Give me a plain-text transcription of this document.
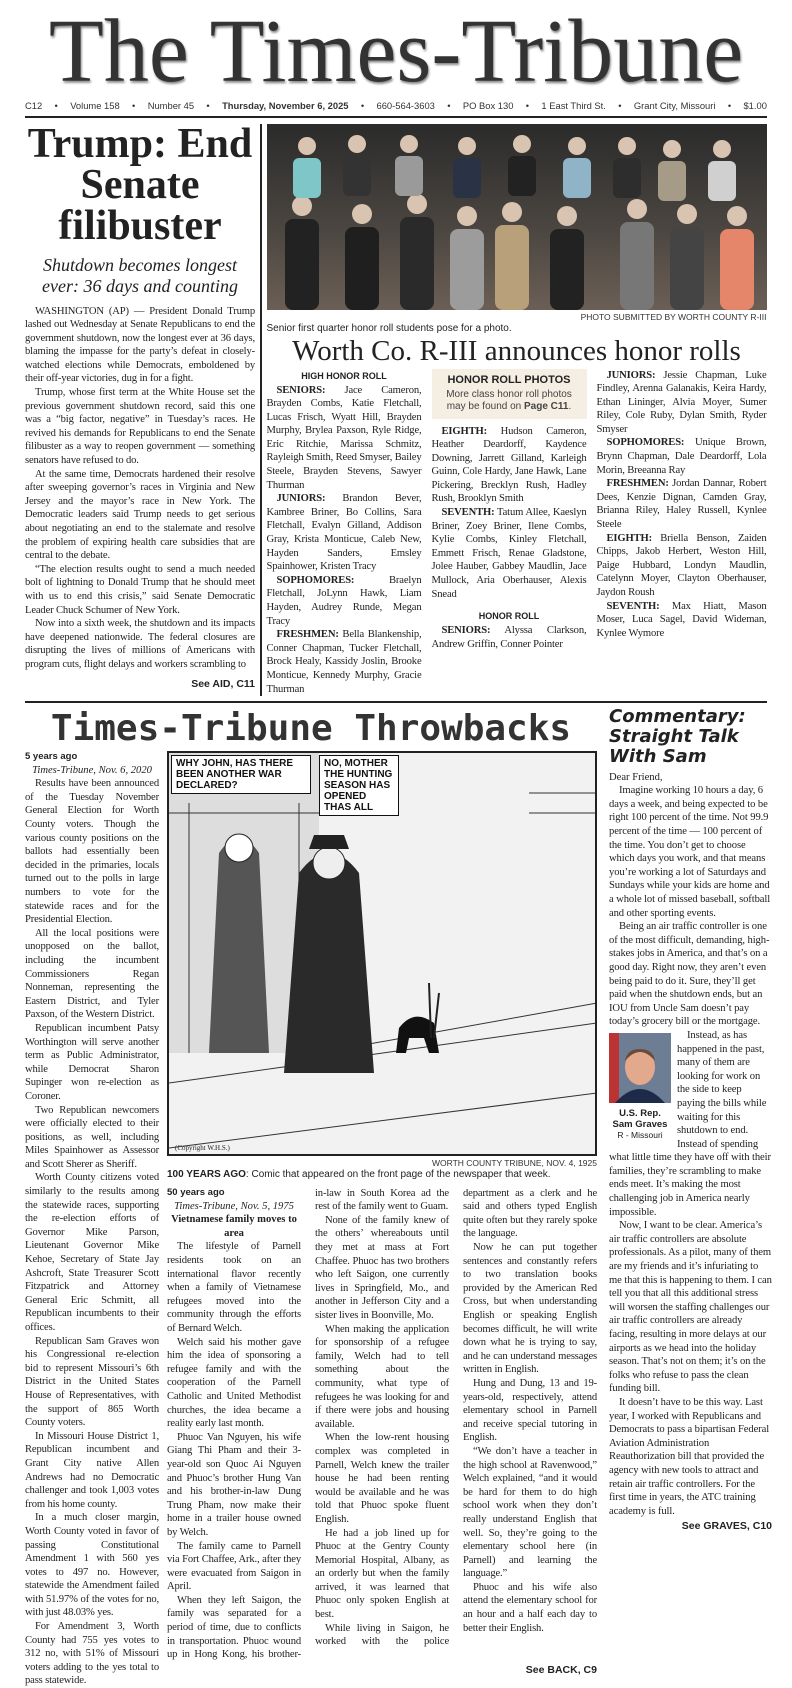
The Times-Tribune
C12 • Volume 158 • Number 45 • Thursday, November 6, 2025 • 660-564-3603 • PO Box 130 • 1 East Third St. • Grant City, Missouri • $1.00
Trump: End Senate filibuster
Shutdown becomes longest ever: 36 days and counting

WASHINGTON (AP) — President Donald Trump lashed out Wednesday at Senate Republicans to end the government shutdown, now the longest ever at 36 days, blaming the impasse for the party’s defeat in closely-watched elections while Democrats, emboldened by their off-year victories, dug in for a fight.

Trump, whose first term at the White House set the previous government shutdown record, said this one was a “big factor, negative” in Tuesday’s races. He revived his demands for Republicans to end the Senate filibuster as a way to reopen government — something senators have refused to do.

At the same time, Democrats hardened their resolve after sweeping governor’s races in Virginia and New Jersey and the mayor’s race in New York. The Democratic leaders said Trump needs to get serious about negotiating an end to the stalemate and resolve the problem of expiring health care subsidies that are central to the debate.

“The election results ought to send a much needed bolt of lightning to Donald Trump that he should meet with us to end this crisis,” said Senate Democratic Leader Chuck Schumer of New York.

Now into a sixth week, the shutdown and its impacts have deepened nationwide. The federal closures are disrupting the lives of millions of Americans with program cuts, flight delays and workers scrambling to

See AID, C11
PHOTO SUBMITTED BY WORTH COUNTY R-III
Senior first quarter honor roll students pose for a photo.
Worth Co. R-III announces honor rolls
HIGH HONOR ROLL

SENIORS: Jace Cameron, Brayden Combs, Katie Fletchall, Lucas Frisch, Wyatt Hill, Brayden Murphy, Brylea Paxson, Ryle Ridge, Eric Ritchie, Marissa Schmitz, Rayleigh Smith, Reed Smyser, Bailey Steele, Brayden Stevens, Sawyer Thurman

JUNIORS: Brandon Bever, Kambree Briner, Bo Collins, Sara Fletchall, Evalyn Gilland, Addison Gray, Krista Monticue, Caleb New, Hayden Sanders, Emsley Spainhower, Kristen Tracy

SOPHOMORES:	Braelyn Fletchall, JoLynn Hawk, Liam Hayden, Audrey Runde, Megan Tracy

FRESHMEN: Bella Blankenship, Conner Chapman, Tucker Fletchall, Brock Healy, Kassidy Joslin, Brooke Monticue, Kennedy Murphy, Gracie Thurman

HONOR ROLL PHOTOS
More class honor roll photos may be found on Page C11.

EIGHTH: Hudson Cameron, Heather Deardorff, Kaydence Downing, Jarrett Gilland, Karleigh Guinn, Cole Hardy, Jane Hawk, Lane Pickering, Brecklyn Rush, Hadley Rush, Brooklyn Smith

SEVENTH: Tatum Allee, Kaeslyn Briner, Zoey Briner, Ilene Combs, Kylie Combs, Kinley Fletchall, Emmett Frisch, Renae Gladstone, Jolee Hauber, Gabbey Maudlin, Jace Mullock, Aria Oberhauser, Alexis Snead

HONOR ROLL

SENIORS: Alyssa Clarkson, Andrew Griffin, Conner Pointer

JUNIORS: Jessie Chapman, Luke Findley, Arenna Galanakis, Keira Hardy, Ethan Lininger, Alvia Moyer, Sumer Riley, Cole Ruby, Dylan Smith, Ryder Smyser

SOPHOMORES: Unique Brown, Brynn Chapman, Dale Deardorff, Lola Morin, Breeanna Ray

FRESHMEN: Jordan Dannar, Robert Dees, Kenzie Dignan, Camden Gray, Brianna Riley, Haley Russell, Kynlee Steele

EIGHTH: Briella Benson, Zaiden Chipps, Jakob Herbert, Weston Hill, Paige Hubbard, Londyn Maudlin, Catelynn Moyer, Clayton Oberhauser, Jaydon Roush

SEVENTH: Max Hiatt, Mason Moser, Luca Sagel, David Wideman, Kynlee Wymore

Times-Tribune Throwbacks
5 years ago
Times-Tribune, Nov. 6, 2020

Results have been announced of the Tuesday November General Election for Worth County voters. Though the various county positions on the ballots had essentially been decided in the primaries, locals turned out to the polls in large numbers to vote for the statewide races and for the Presidential Election.

All the local positions were unopposed on the ballot, including the incumbent Commissioners Regan Nonneman, representing the Eastern District, and Tyler Paxson, of the Western District.

Republican incumbent Patsy Worthington will serve another term as Public Administrator, while Democrat Sharon Supinger won re-election as Coroner.

Two Republican newcomers were officially elected to their positions, as well, including Miles Spainhower as Assessor and Scott Sherer as Sheriff.

Worth County citizens voted similarly to the results among the statewide races, supporting the re-election efforts of Governor Mike Parson, Lieutenant Governor Mike Kehoe, Secretary of State Jay Ashcroft, State Treasurer Scott Fitzpatrick and Attorney General Eric Schmitt, all Republican incumbents to their offices.

Republican Sam Graves won his Congressional re-election bid to represent Missouri’s 6th District in the United States House of Representatives, with the support of 865 Worth County voters.

In Missouri House District 1, Republican incumbent and Grant City native Allen Andrews had no Democratic challenger and took 1,003 votes from his home county.

In a much closer margin, Worth County voted in favor of passing Constitutional Amendment 1 with 560 yes votes to 497 no. However, statewide the Amendment failed with 51.97% of the votes for no, with just 48.03% yes.

For Amendment 3, Worth County had 755 yes votes to 312 no, with 51% of Missouri voters adding to the yes total to pass statewide.

WHY JOHN, HAS THERE BEEN ANOTHER WAR DECLARED?
NO, MOTHER THE HUNTING SEASON HAS OPENED THAS ALL
(Copyright W.H.S.)
WORTH COUNTY TRIBUNE, NOV. 4, 1925
100 YEARS AGO: Comic that appeared on the front page of the newspaper that week.
50 years ago
Times-Tribune, Nov. 5, 1975
Vietnamese family moves to area

The lifestyle of Parnell residents took on an international flavor recently when a family of Vietnamese refugees moved into the community through the efforts of Bernard Welch.

Welch said his mother gave him the idea of sponsoring a refugee family and with the cooperation of the Parnell Catholic and United Methodist churches, the idea became a reality early last month.

Phuoc Van Nguyen, his wife Giang Thi Pham and their 3-year-old son Quoc Ai Nguyen and Phuoc’s brother Hung Van and his brother-in-law Dung Trung Pham, now make their home in a trailer house owned by Welch.

The family came to Parnell via Fort Chaffee, Ark., after they were evacuated from Saigon in April.

When they left Saigon, the family was separated for a period of time, due to conflicts in transportation. Phuoc wound up in Hong Kong, his brother-in-law in South Korea ad the rest of the family went to Guam.

None of the family knew of the others’ whereabouts until they met at mass at Fort Chaffee. Phuoc has two brothers who left Saigon, one currently lives in Springfield, Mo., and another in Jefferson City and a sister lives in Boonville, Mo.

When making the application for sponsorship of a refugee family, Welch had to tell something about the community, what type of refugees he was looking for and if there were jobs and housing available.

When the low-rent housing complex was completed in Parnell, Welch knew the trailer house he had been renting would be available and he was told that Phuoc spoke fluent English.

He had a job lined up for Phuoc at the Gentry County Memorial Hospital, Albany, as an orderly but when the family arrived, it was learned that Phuoc only spoken English at best.

While living in Saigon, he worked with the police department as a clerk and he said and others typed English quite often but they rarely spoke the language.

Now he can put together sentences and constantly refers to two translation books provided by the American Red Cross, but when understanding English or speaking English becomes difficult, he will write down what he is trying to say, and he can understand messages written in English.

Hung and Dung, 13 and 19-years-old, respectively, attend elementary school in Parnell and receive special tutoring in English.

“We don’t have a teacher in the high school at Ravenwood,” Welch explained, “and it would be hard for them to do high school work when they don’t really understand English that well. So, they’re going to the elementary school here (in Parnell) and learning the language.”

Phuoc and his wife also attend the elementary school for an hour and a half each day to better their English.

See BACK, C9
Commentary: Straight Talk With Sam
Dear Friend,

Imagine working 10 hours a day, 6 days a week, and being expected to be right 100 percent of the time. Not 99.9 percent of the time — 100 percent of the time. You don’t get to choose which days you work, and that means you’re working a lot of Saturdays and Sundays while your kids are home and a whole lot of missed baseball, softball and other sporting events.

Being an air traffic controller is one of the most difficult, demanding, high-stakes jobs in America, and that’s on a good day. Right now, they aren’t even being paid to do it. Sure, they’ll get paid when the shutdown ends, but an IOU from Uncle Sam doesn’t pay today’s grocery bill or the mortgage.

U.S. Rep. Sam Graves
R - Missouri

Instead, as has happened in the past, many of them are looking for work on the side to keep paying the bills while waiting for this shutdown to end. Instead of spending what little time they have off with their families, they’re scrambling to make ends meet. It’s making the most challenging job in America nearly impossible.

Now, I want to be clear. America’s air traffic controllers are absolute professionals. As a pilot, many of them are my friends and it’s infuriating to me that this is happening to them. I can tell you that all this additional stress will worsen the staffing challenges our air traffic controllers are already facing, resulting in more delays at our airports as we head into the holiday season. That’s not on them; it’s on the folks who refuse to pass the clean funding bill.

It doesn’t have to be this way. Last year, I worked with Republicans and Democrats to pass a bipartisan Federal Aviation Administration Reauthorization bill that provided the agency with new tools to attract and retain air traffic controllers. For the first time in years, the ATC training academy is full.

See GRAVES, C10
